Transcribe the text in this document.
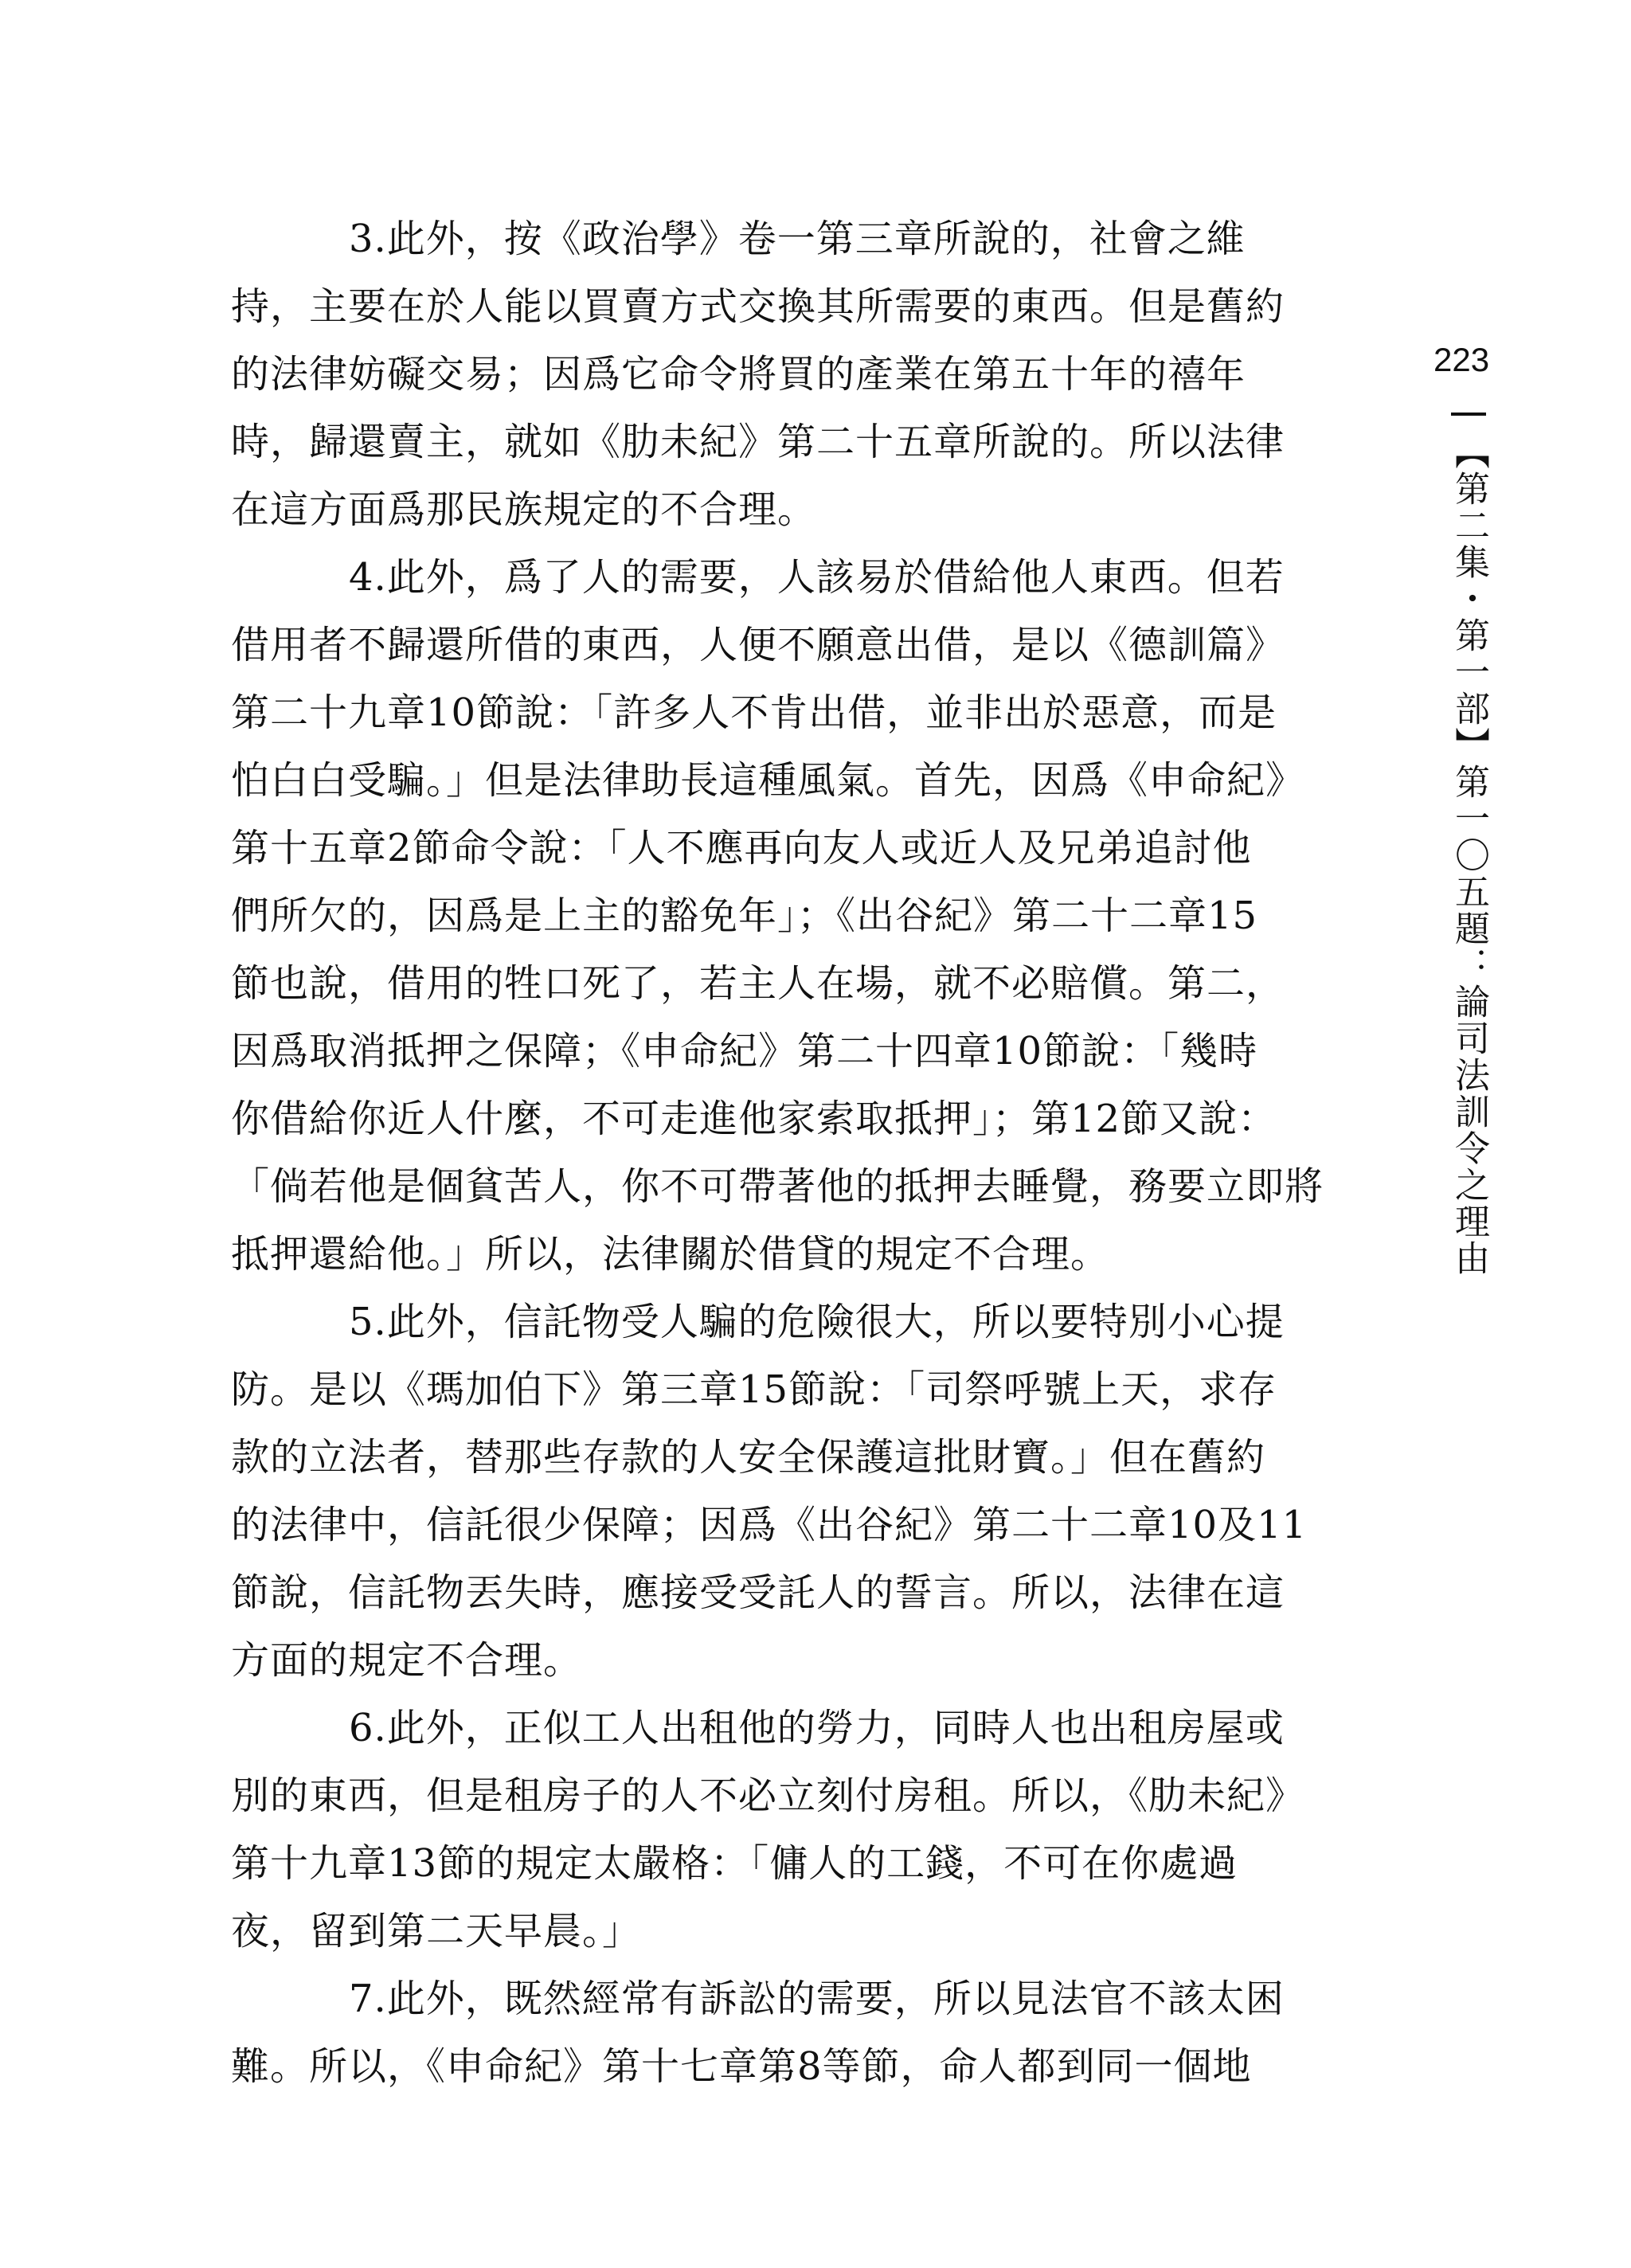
3.此外，按《政治學》卷一第三章所說的，社會之維
持，主要在於人能以買賣方式交換其所需要的東西。但是舊約
的法律妨礙交易；因爲它命令將買的產業在第五十年的禧年
時，歸還賣主，就如《肋未紀》第二十五章所說的。所以法律
在這方面爲那民族規定的不合理。
4.此外，爲了人的需要，人該易於借給他人東西。但若
借用者不歸還所借的東西，人便不願意出借，是以《德訓篇》
第二十九章10節說：「許多人不肯出借，並非出於惡意，而是
怕白白受騙。」但是法律助長這種風氣。首先，因爲《申命紀》
第十五章2節命令說：「人不應再向友人或近人及兄弟追討他
們所欠的，因爲是上主的豁免年」；《出谷紀》第二十二章15
節也說，借用的牲口死了，若主人在場，就不必賠償。第二，
因爲取消抵押之保障；《申命紀》第二十四章10節說：「幾時
你借給你近人什麼，不可走進他家索取抵押」；第12節又說：
「倘若他是個貧苦人，你不可帶著他的抵押去睡覺，務要立即將
抵押還給他。」所以，法律關於借貸的規定不合理。
5.此外，信託物受人騙的危險很大，所以要特別小心提
防。是以《瑪加伯下》第三章15節說：「司祭呼號上天，求存
款的立法者，替那些存款的人安全保護這批財寶。」但在舊約
的法律中，信託很少保障；因爲《出谷紀》第二十二章10及11
節說，信託物丟失時，應接受受託人的誓言。所以，法律在這
方面的規定不合理。
6.此外，正似工人出租他的勞力，同時人也出租房屋或
別的東西，但是租房子的人不必立刻付房租。所以，《肋未紀》
第十九章13節的規定太嚴格：「傭人的工錢，不可在你處過
夜，留到第二天早晨。」
7.此外，既然經常有訴訟的需要，所以見法官不該太困
難。所以，《申命紀》第十七章第8等節，命人都到同一個地
223
【第二集・第一部】第一〇五題：論司法訓令之理由
